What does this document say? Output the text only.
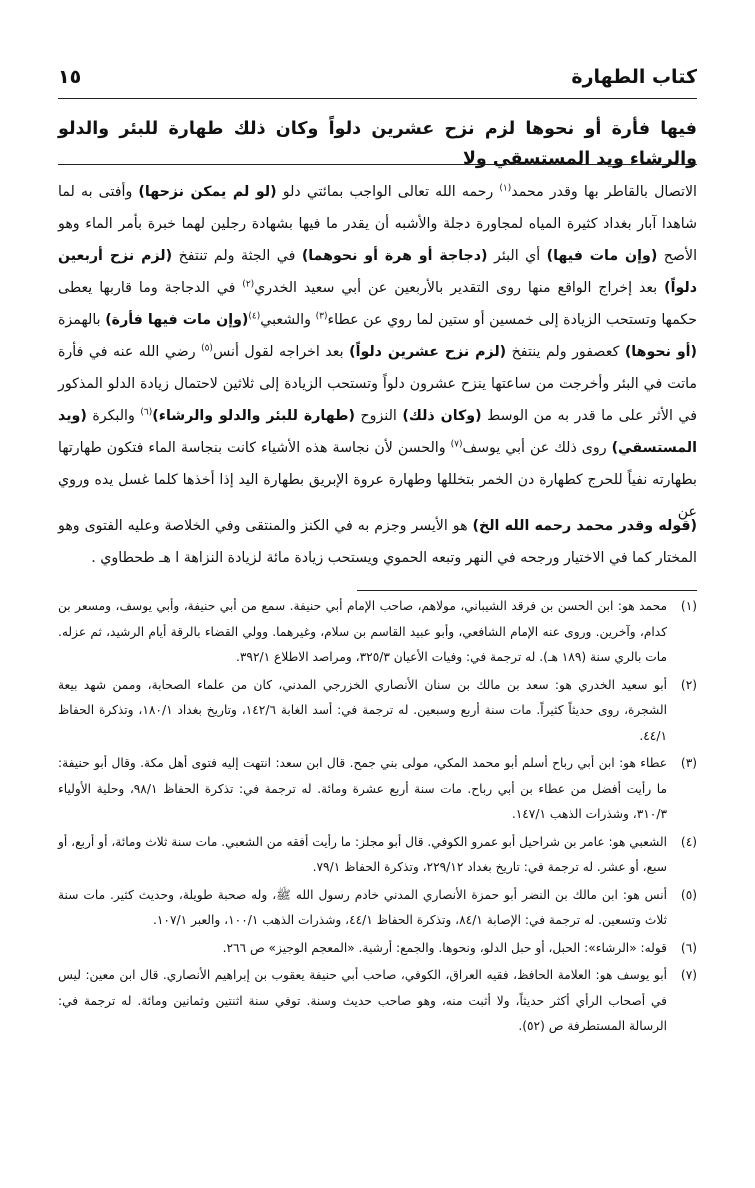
كتاب الطهارة
١٥
فيها فأرة أو نحوها لزم نزح عشرين دلواً وكان ذلك طهارة للبئر والدلو والرشاء ويد المستسقي ولا
الاتصال بالقاطر بها وقدر محمد$^{(١)}$ رحمه الله تعالى الواجب بمائتي دلو (لو لم يمكن نزحها) وأفتى به لما شاهدا آبار بغداد كثيرة المياه لمجاورة دجلة والأشبه أن يقدر ما فيها بشهادة رجلين لهما خبرة بأمر الماء وهو الأصح (وإن مات فيها) أي البئر (دجاجة أو هرة أو نحوهما) في الجثة ولم تنتفخ (لزم نزح أربعين دلواً) بعد إخراج الواقع منها روى التقدير بالأربعين عن أبي سعيد الخدري$^{(٢)}$ في الدجاجة وما قاربها يعطى حكمها وتستحب الزيادة إلى خمسين أو ستين لما روي عن عطاء$^{(٣)}$ والشعبي$^{(٤)}$(وإن مات فيها فأرة) بالهمزة (أو نحوها) كعصفور ولم ينتفخ (لزم نزح عشرين دلواً) بعد اخراجه لقول أنس$^{(٥)}$ رضي الله عنه في فأرة ماتت في البئر وأخرجت من ساعتها ينزح عشرون دلواً وتستحب الزيادة إلى ثلاثين لاحتمال زيادة الدلو المذكور في الأثر على ما قدر به من الوسط (وكان ذلك) النزوح (طهارة للبئر والدلو والرشاء)$^{(٦)}$ والبكرة (ويد المستسقي) روى ذلك عن أبي يوسف$^{(٧)}$ والحسن لأن نجاسة هذه الأشياء كانت بنجاسة الماء فتكون طهارتها بطهارته نفياً للحرج كطهارة دن الخمر بتخللها وطهارة عروة الإبريق بطهارة اليد إذا أخذها كلما غسل يده وروي عن
(قوله وقدر محمد رحمه الله الخ) هو الأيسر وجزم به في الكنز والمنتقى وفي الخلاصة وعليه الفتوى وهو المختار كما في الاختيار ورجحه في النهر وتبعه الحموي ويستحب زيادة مائة لزيادة النزاهة ا هـ طحطاوي .
(١)
محمد هو: ابن الحسن بن فرقد الشيباني، مولاهم، صاحب الإمام أبي حنيفة. سمع من أبي حنيفة، وأبي يوسف، ومسعر بن كدام، وآخرين. وروى عنه الإمام الشافعي، وأبو عبيد القاسم بن سلام، وغيرهما. وولي القضاء بالرقة أيام الرشيد، ثم عزله. مات بالري سنة (١٨٩ هـ). له ترجمة في: وفيات الأعيان ٣٢٥/٣، ومراصد الاطلاع ٣٩٢/١.
(٢)
أبو سعيد الخدري هو: سعد بن مالك بن سنان الأنصاري الخزرجي المدني، كان من علماء الصحابة، وممن شهد بيعة الشجرة، روى حديثاً كثيراً. مات سنة أربع وسبعين. له ترجمة في: أسد الغابة ١٤٢/٦، وتاريخ بغداد ١٨٠/١، وتذكرة الحفاظ ٤٤/١.
(٣)
عطاء هو: ابن أبي رباح أسلم أبو محمد المكي، مولى بني جمح. قال ابن سعد: انتهت إليه فتوى أهل مكة. وقال أبو حنيفة: ما رأيت أفضل من عطاء بن أبي رباح. مات سنة أربع عشرة ومائة. له ترجمة في: تذكرة الحفاظ ٩٨/١، وحلية الأولياء ٣١٠/٣، وشذرات الذهب ١٤٧/١.
(٤)
الشعبي هو: عامر بن شراحيل أبو عمرو الكوفي. قال أبو مجلز: ما رأيت أفقه من الشعبي. مات سنة ثلاث ومائة، أو أربع، أو سبع، أو عشر. له ترجمة في: تاريخ بغداد ٢٢٩/١٢، وتذكرة الحفاظ ٧٩/١.
(٥)
أنس هو: ابن مالك بن النضر أبو حمزة الأنصاري المدني خادم رسول الله ﷺ، وله صحبة طويلة، وحديث كثير. مات سنة ثلاث وتسعين. له ترجمة في: الإصابة ٨٤/١، وتذكرة الحفاظ ٤٤/١، وشذرات الذهب ١٠٠/١، والعبر ١٠٧/١.
(٦)
قوله: «الرشاء»: الحبل، أو حبل الدلو، ونحوها. والجمع: أرشية. «المعجم الوجيز» ص ٢٦٦.
(٧)
أبو يوسف هو: العلامة الحافظ، فقيه العراق، الكوفي، صاحب أبي حنيفة يعقوب بن إبراهيم الأنصاري. قال ابن معين: ليس في أصحاب الرأي أكثر حديثاً، ولا أثبت منه، وهو صاحب حديث وسنة. توفي سنة اثنتين وثمانين ومائة. له ترجمة في: الرسالة المستطرفة ص (٥٢).
